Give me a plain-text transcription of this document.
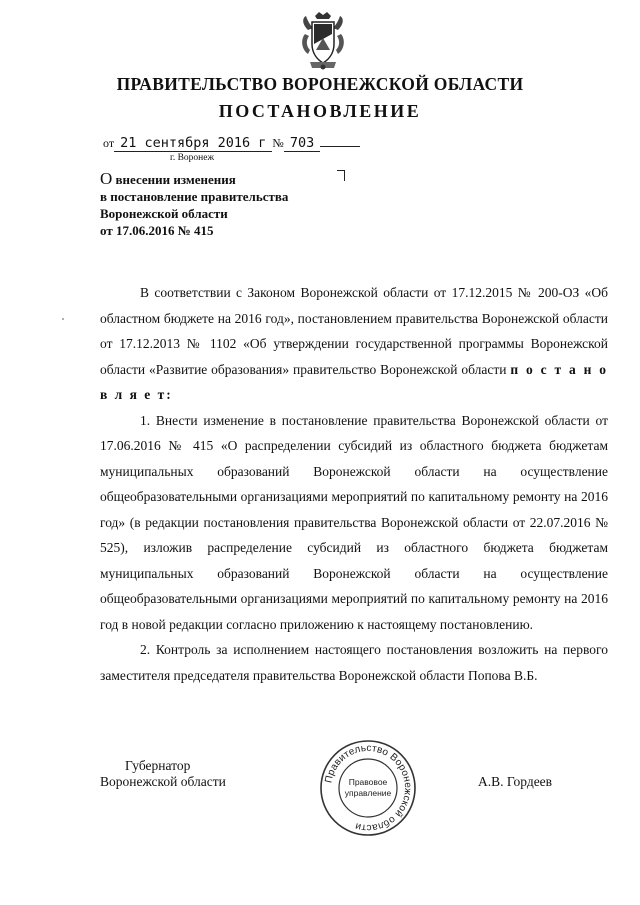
ПРАВИТЕЛЬСТВО ВОРОНЕЖСКОЙ ОБЛАСТИ
ПОСТАНОВЛЕНИЕ
от 21 сентября 2016 г № 703
г. Воронеж
О внесении изменения
в постановление правительства
Воронежской области
от 17.06.2016 № 415

В соответствии с Законом Воронежской области от 17.12.2015 № 200-ОЗ «Об областном бюджете на 2016 год», постановлением правительства Воронежской области от 17.12.2013 № 1102 «Об утверждении государственной программы Воронежской области «Развитие образования» правительство Воронежской области п о с т а н о в л я е т:

1. Внести изменение в постановление правительства Воронежской области от 17.06.2016 № 415 «О распределении субсидий из областного бюджета бюджетам муниципальных образований Воронежской области на осуществление общеобразовательными организациями мероприятий по капитальному ремонту на 2016 год» (в редакции постановления правительства Воронежской области от 22.07.2016 № 525), изложив распределение субсидий из областного бюджета бюджетам муниципальных образований Воронежской области на осуществление общеобразовательными организациями мероприятий по капитальному ремонту на 2016 год в новой редакции согласно приложению к настоящему постановлению.

2. Контроль за исполнением настоящего постановления возложить на первого заместителя председателя правительства Воронежской области Попова В.Б.

Губернатор
Воронежской области	Правительство Воронежской области
Правовое
управление
А.В. Гордеев
